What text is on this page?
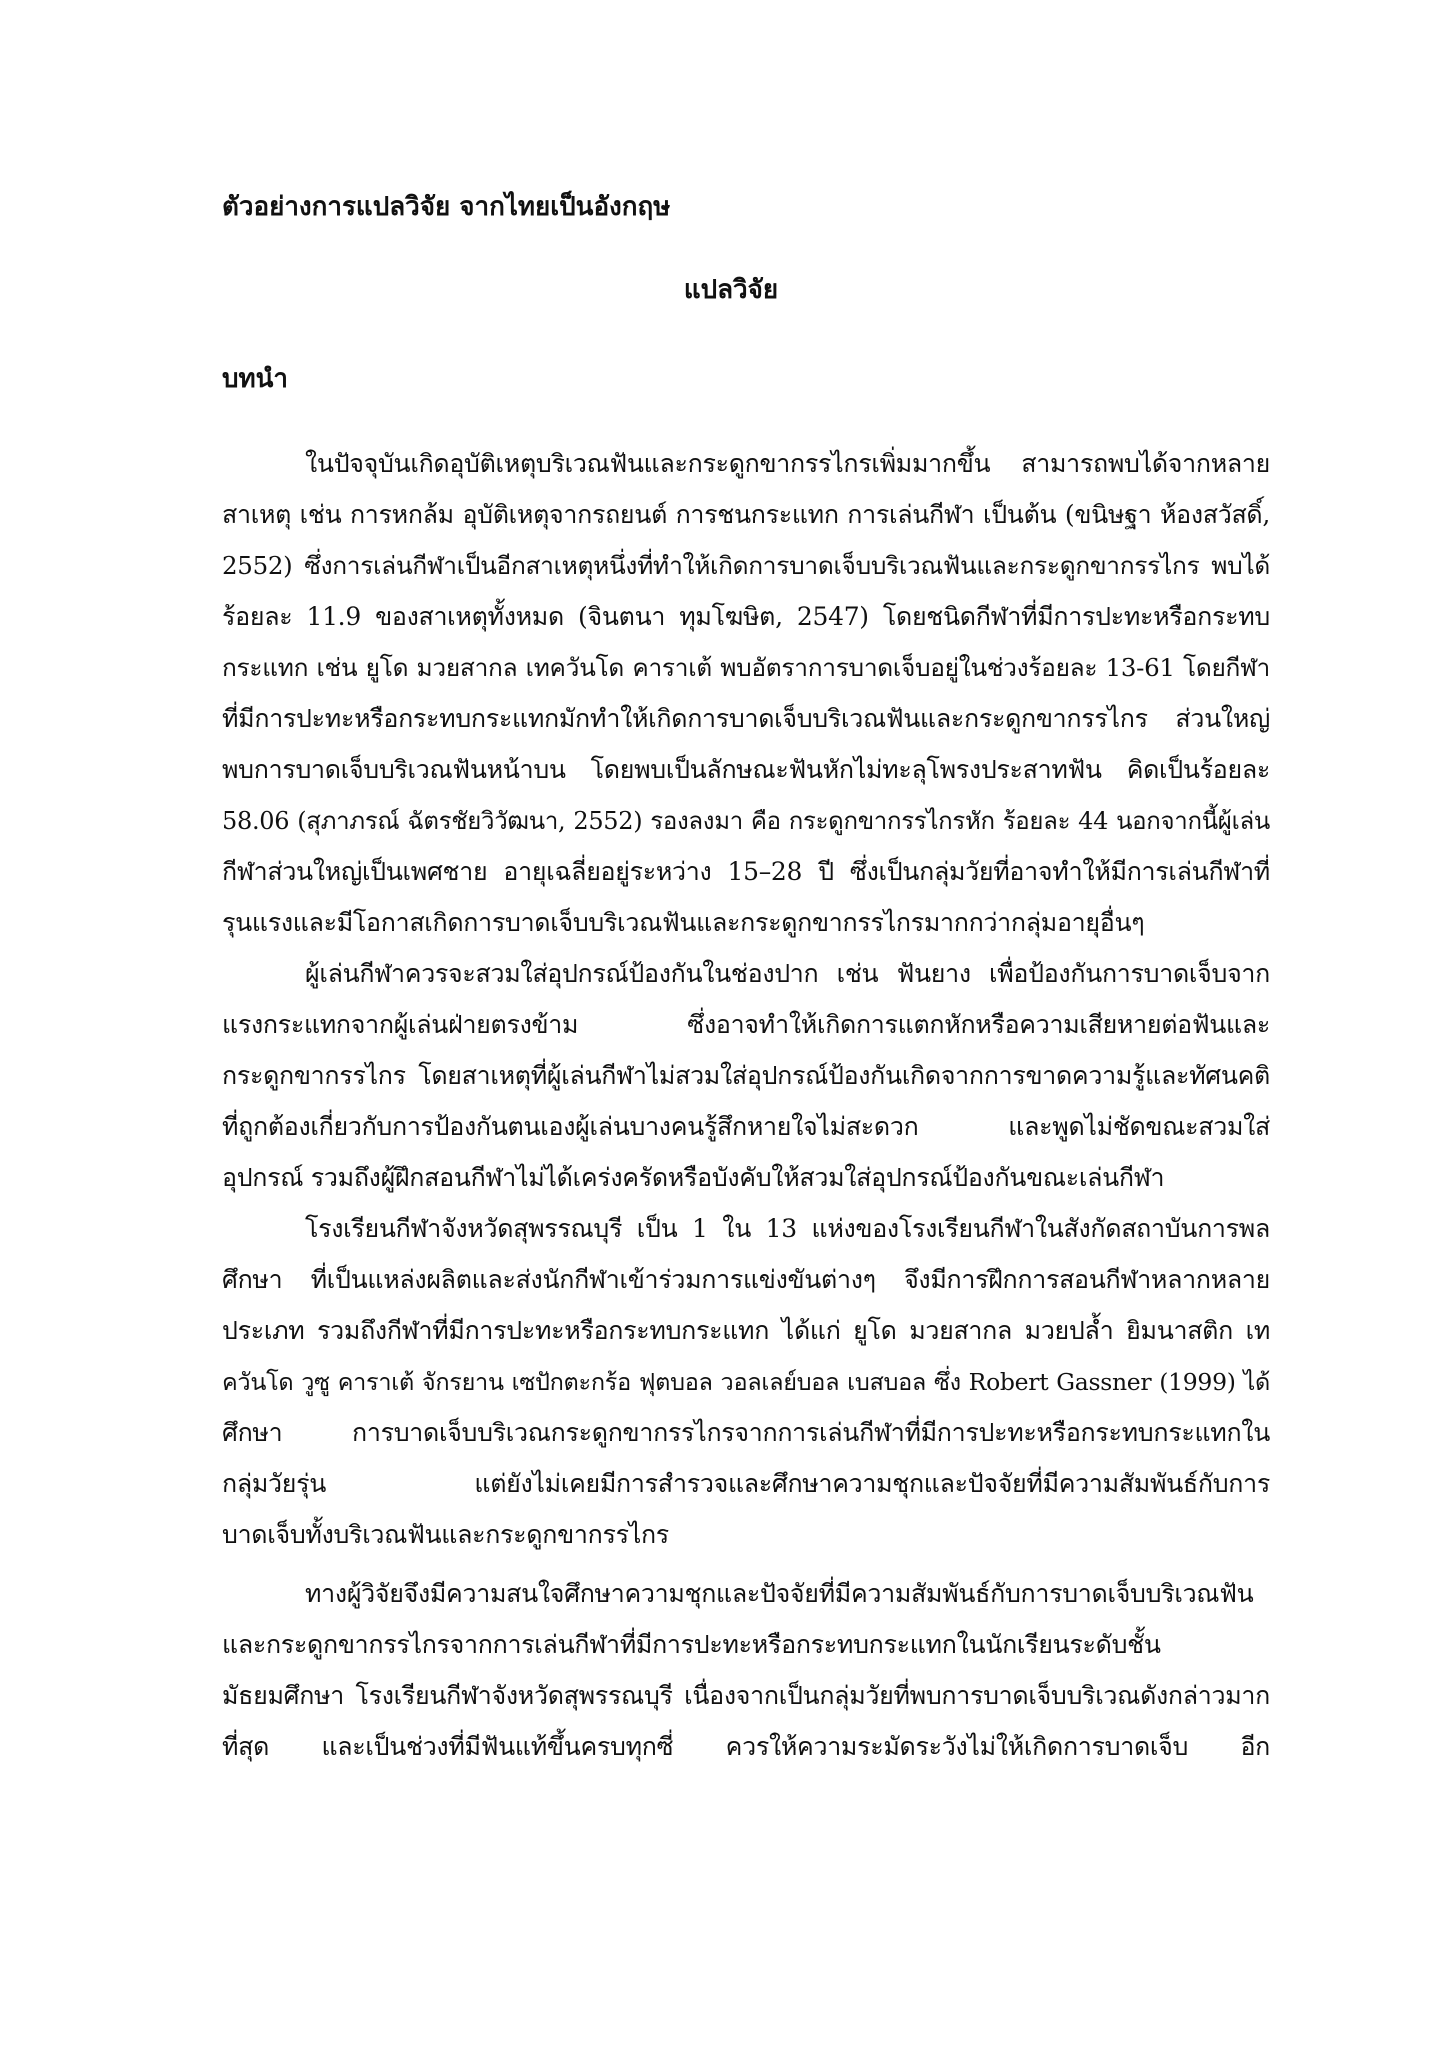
ตัวอย่างการแปลวิจัย จากไทยเป็นอังกฤษ
แปลวิจัย
บทนำ
ในปัจจุบันเกิดอุบัติเหตุบริเวณฟันและกระดูกขากรรไกรเพิ่มมากขึ้น สามารถพบได้จากหลาย
สาเหตุ เช่น การหกล้ม อุบัติเหตุจากรถยนต์ การชนกระแทก การเล่นกีฬา เป็นต้น (ขนิษฐา ห้องสวัสดิ์,
2552) ซึ่งการเล่นกีฬาเป็นอีกสาเหตุหนึ่งที่ทำให้เกิดการบาดเจ็บบริเวณฟันและกระดูกขากรรไกร พบได้
ร้อยละ 11.9 ของสาเหตุทั้งหมด (จินตนา ทุมโฆษิต, 2547) โดยชนิดกีฬาที่มีการปะทะหรือกระทบ
กระแทก เช่น ยูโด มวยสากล เทควันโด คาราเต้ พบอัตราการบาดเจ็บอยู่ในช่วงร้อยละ 13-61 โดยกีฬา
ที่มีการปะทะหรือกระทบกระแทกมักทำให้เกิดการบาดเจ็บบริเวณฟันและกระดูกขากรรไกร ส่วนใหญ่
พบการบาดเจ็บบริเวณฟันหน้าบน โดยพบเป็นลักษณะฟันหักไม่ทะลุโพรงประสาทฟัน คิดเป็นร้อยละ
58.06 (สุภาภรณ์ ฉัตรชัยวิวัฒนา, 2552) รองลงมา คือ กระดูกขากรรไกรหัก ร้อยละ 44 นอกจากนี้ผู้เล่น
กีฬาส่วนใหญ่เป็นเพศชาย อายุเฉลี่ยอยู่ระหว่าง 15–28 ปี ซึ่งเป็นกลุ่มวัยที่อาจทำให้มีการเล่นกีฬาที่
รุนแรงและมีโอกาสเกิดการบาดเจ็บบริเวณฟันและกระดูกขากรรไกรมากกว่ากลุ่มอายุอื่นๆ
ผู้เล่นกีฬาควรจะสวมใส่อุปกรณ์ป้องกันในช่องปาก เช่น ฟันยาง เพื่อป้องกันการบาดเจ็บจาก
แรงกระแทกจากผู้เล่นฝ่ายตรงข้าม ซึ่งอาจทำให้เกิดการแตกหักหรือความเสียหายต่อฟันและ
กระดูกขากรรไกร โดยสาเหตุที่ผู้เล่นกีฬาไม่สวมใส่อุปกรณ์ป้องกันเกิดจากการขาดความรู้และทัศนคติ
ที่ถูกต้องเกี่ยวกับการป้องกันตนเองผู้เล่นบางคนรู้สึกหายใจไม่สะดวก และพูดไม่ชัดขณะสวมใส่
อุปกรณ์ รวมถึงผู้ฝึกสอนกีฬาไม่ได้เคร่งครัดหรือบังคับให้สวมใส่อุปกรณ์ป้องกันขณะเล่นกีฬา
โรงเรียนกีฬาจังหวัดสุพรรณบุรี เป็น 1 ใน 13 แห่งของโรงเรียนกีฬาในสังกัดสถาบันการพล
ศึกษา ที่เป็นแหล่งผลิตและส่งนักกีฬาเข้าร่วมการแข่งขันต่างๆ จึงมีการฝึกการสอนกีฬาหลากหลาย
ประเภท รวมถึงกีฬาที่มีการปะทะหรือกระทบกระแทก ได้แก่ ยูโด มวยสากล มวยปล้ำ ยิมนาสติก เท
ควันโด วูซู คาราเต้ จักรยาน เซปักตะกร้อ ฟุตบอล วอลเลย์บอล เบสบอล ซึ่ง Robert Gassner (1999) ได้
ศึกษา การบาดเจ็บบริเวณกระดูกขากรรไกรจากการเล่นกีฬาที่มีการปะทะหรือกระทบกระแทกใน
กลุ่มวัยรุ่น แต่ยังไม่เคยมีการสำรวจและศึกษาความชุกและปัจจัยที่มีความสัมพันธ์กับการ
บาดเจ็บทั้งบริเวณฟันและกระดูกขากรรไกร
ทางผู้วิจัยจึงมีความสนใจศึกษาความชุกและปัจจัยที่มีความสัมพันธ์กับการบาดเจ็บบริเวณฟัน
และกระดูกขากรรไกรจากการเล่นกีฬาที่มีการปะทะหรือกระทบกระแทกในนักเรียนระดับชั้น
มัธยมศึกษา โรงเรียนกีฬาจังหวัดสุพรรณบุรี เนื่องจากเป็นกลุ่มวัยที่พบการบาดเจ็บบริเวณดังกล่าวมาก
ที่สุด และเป็นช่วงที่มีฟันแท้ขึ้นครบทุกซี่ ควรให้ความระมัดระวังไม่ให้เกิดการบาดเจ็บ อีก
